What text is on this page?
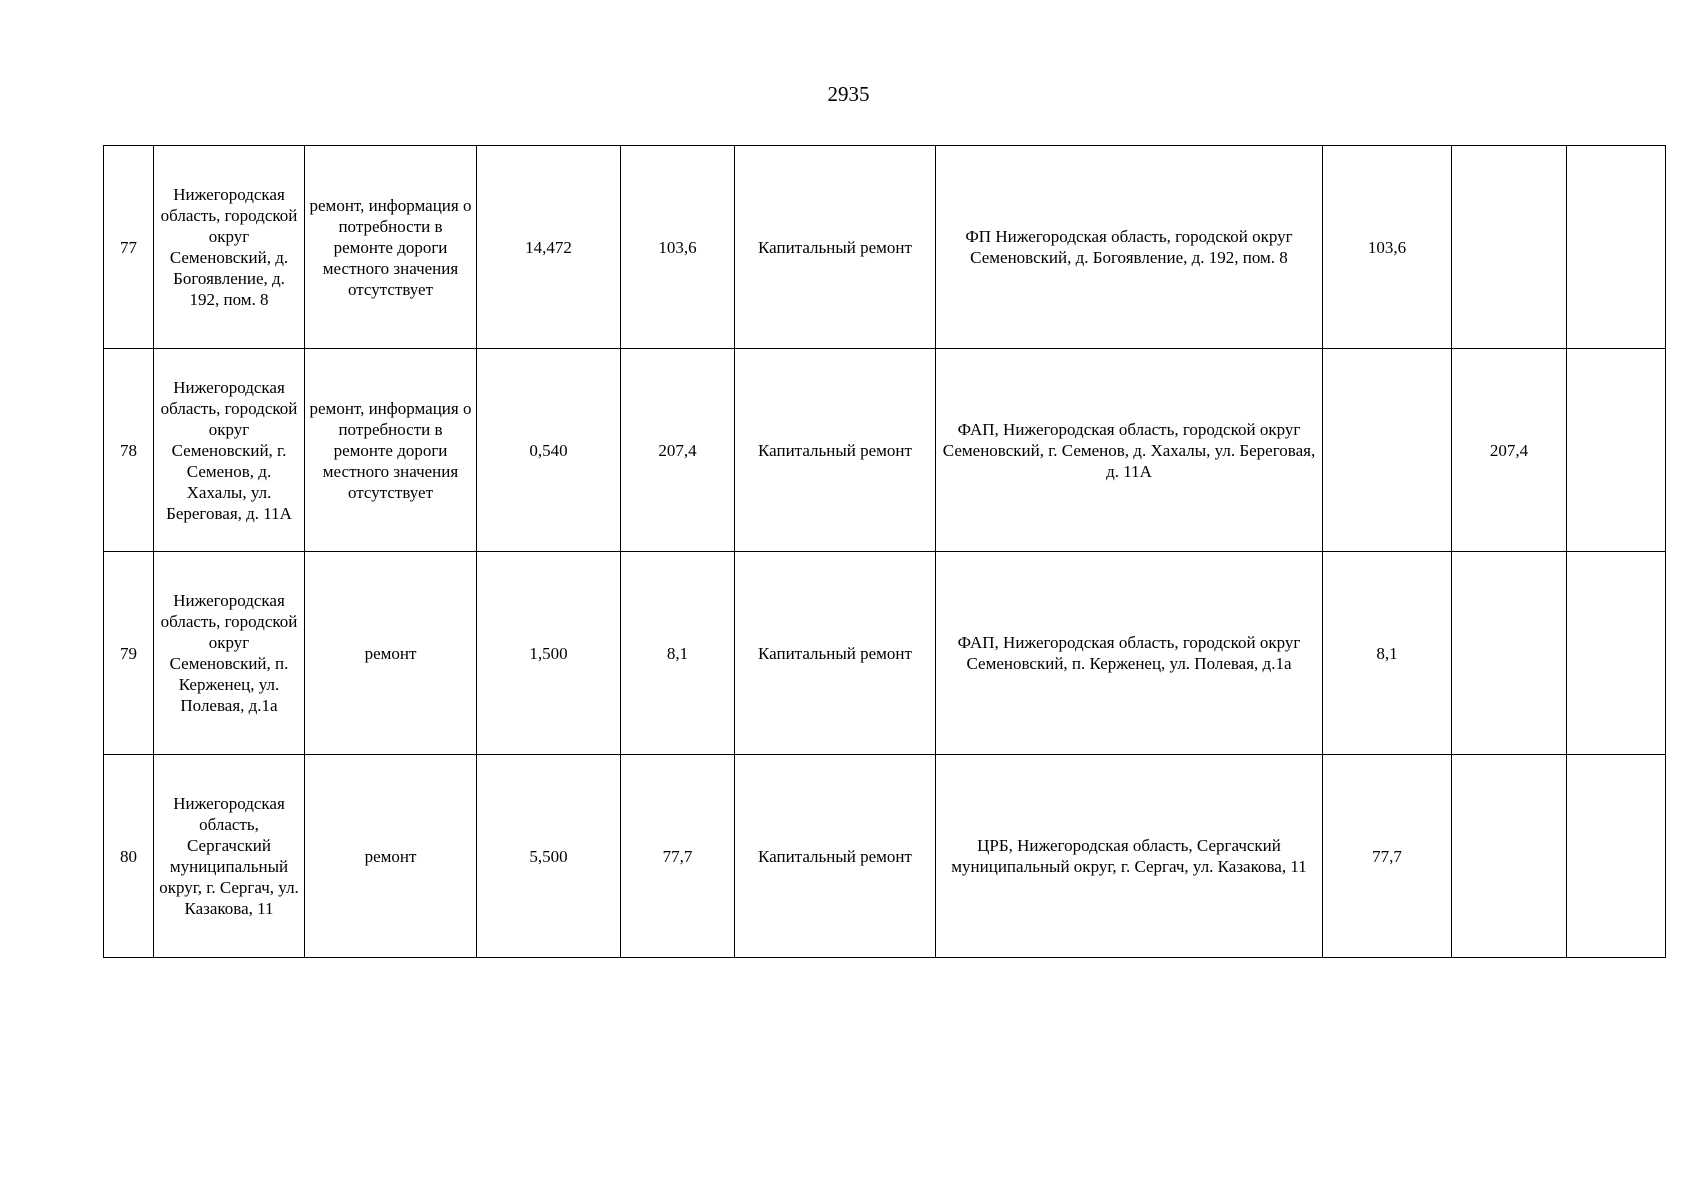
2935
77	Нижегородская область, городской округ Семеновский, д. Богоявление, д. 192, пом. 8	ремонт, информация о потребности в ремонте дороги местного значения отсутствует	14,472	103,6	Капитальный ремонт	ФП Нижегородская область, городской округ Семеновский, д. Богоявление, д. 192, пом. 8	103,6		
78	Нижегородская область, городской округ Семеновский, г. Семенов, д. Хахалы, ул. Береговая, д. 11А	ремонт, информация о потребности в ремонте дороги местного значения отсутствует	0,540	207,4	Капитальный ремонт	ФАП, Нижегородская область, городской округ Семеновский, г. Семенов, д. Хахалы, ул. Береговая, д. 11А		207,4	
79	Нижегородская область, городской округ Семеновский, п. Керженец, ул. Полевая, д.1а	ремонт	1,500	8,1	Капитальный ремонт	ФАП, Нижегородская область, городской округ Семеновский, п. Керженец, ул. Полевая, д.1а	8,1		
80	Нижегородская область, Сергачский муниципальный округ, г. Сергач, ул. Казакова, 11	ремонт	5,500	77,7	Капитальный ремонт	ЦРБ, Нижегородская область, Сергачский муниципальный округ, г. Сергач, ул. Казакова, 11	77,7		
